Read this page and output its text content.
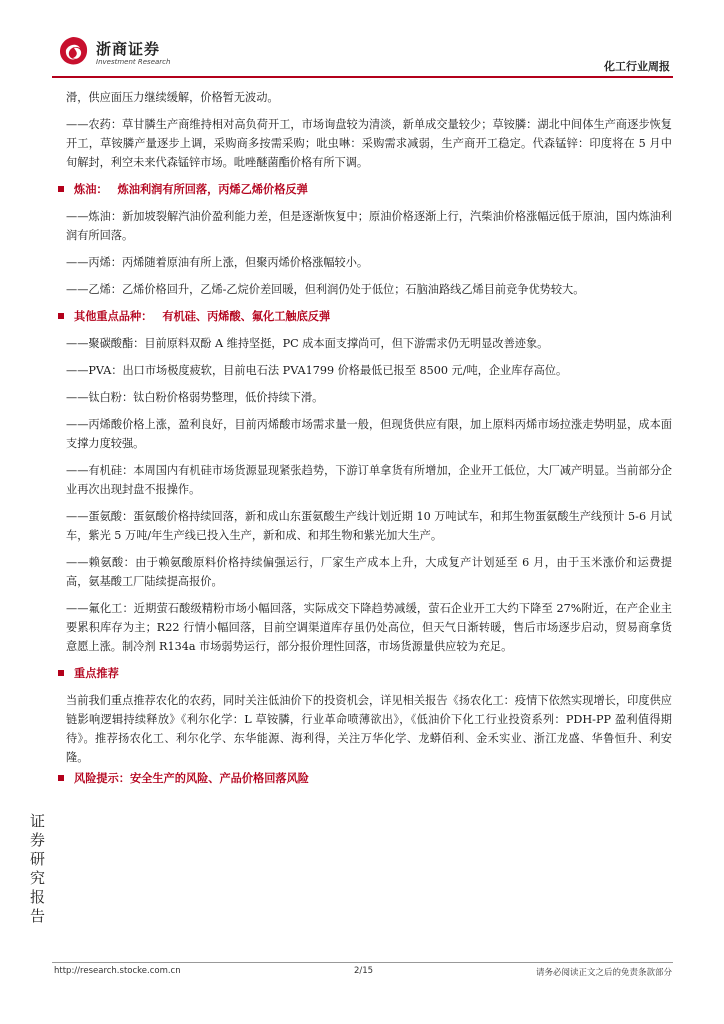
浙商证券
Investment Research	化工行业周报

滑，供应面压力继续缓解，价格暂无波动。

——农药：草甘膦生产商维持相对高负荷开工，市场询盘较为清淡，新单成交量较少；草铵膦：湖北中间体生产商逐步恢复开工，草铵膦产量逐步上调，采购商多按需采购；吡虫啉：采购需求减弱，生产商开工稳定。代森锰锌：印度将在 5 月中旬解封，利空未来代森锰锌市场。吡唑醚菌酯价格有所下调。

炼油： 炼油利润有所回落，丙烯乙烯价格反弹

——炼油：新加坡裂解汽油价盈利能力差，但是逐渐恢复中；原油价格逐渐上行，汽柴油价格涨幅远低于原油，国内炼油利润有所回落。

——丙烯：丙烯随着原油有所上涨，但聚丙烯价格涨幅较小。

——乙烯：乙烯价格回升，乙烯-乙烷价差回暖，但利润仍处于低位；石脑油路线乙烯目前竞争优势较大。

其他重点品种： 有机硅、丙烯酸、氟化工触底反弹

——聚碳酸酯：目前原料双酚 A 维持坚挺，PC 成本面支撑尚可，但下游需求仍无明显改善迹象。

——PVA：出口市场极度疲软，目前电石法 PVA1799 价格最低已报至 8500 元/吨，企业库存高位。

——钛白粉：钛白粉价格弱势整理，低价持续下滑。

——丙烯酸价格上涨，盈利良好，目前丙烯酸市场需求量一般，但现货供应有限，加上原料丙烯市场拉涨走势明显，成本面支撑力度较强。

——有机硅：本周国内有机硅市场货源显现紧张趋势，下游订单拿货有所增加，企业开工低位，大厂减产明显。当前部分企业再次出现封盘不报操作。

——蛋氨酸：蛋氨酸价格持续回落，新和成山东蛋氨酸生产线计划近期 10 万吨试车，和邦生物蛋氨酸生产线预计 5-6 月试车，紫光 5 万吨/年生产线已投入生产，新和成、和邦生物和紫光加大生产。

——赖氨酸：由于赖氨酸原料价格持续偏强运行，厂家生产成本上升，大成复产计划延至 6 月，由于玉米涨价和运费提高，氨基酸工厂陆续提高报价。

——氟化工：近期萤石酸级精粉市场小幅回落，实际成交下降趋势减缓，萤石企业开工大约下降至 27%附近，在产企业主要累积库存为主；R22 行情小幅回落，目前空调渠道库存虽仍处高位，但天气日渐转暖，售后市场逐步启动，贸易商拿货意愿上涨。制冷剂 R134a 市场弱势运行，部分报价理性回落，市场货源量供应较为充足。

重点推荐

当前我们重点推荐农化的农药，同时关注低油价下的投资机会，详见相关报告《扬农化工：疫情下依然实现增长，印度供应链影响逻辑持续释放》《利尔化学：L 草铵膦，行业革命喷薄欲出》，《低油价下化工行业投资系列：PDH-PP 盈利值得期待》。推荐扬农化工、利尔化学、东华能源、海利得，关注万华化学、龙蟒佰利、金禾实业、浙江龙盛、华鲁恒升、利安隆。

风险提示：安全生产的风险、产品价格回落风险
证
券
研
究
报
告
http://research.stocke.com.cn	2/15	请务必阅读正文之后的免责条款部分
